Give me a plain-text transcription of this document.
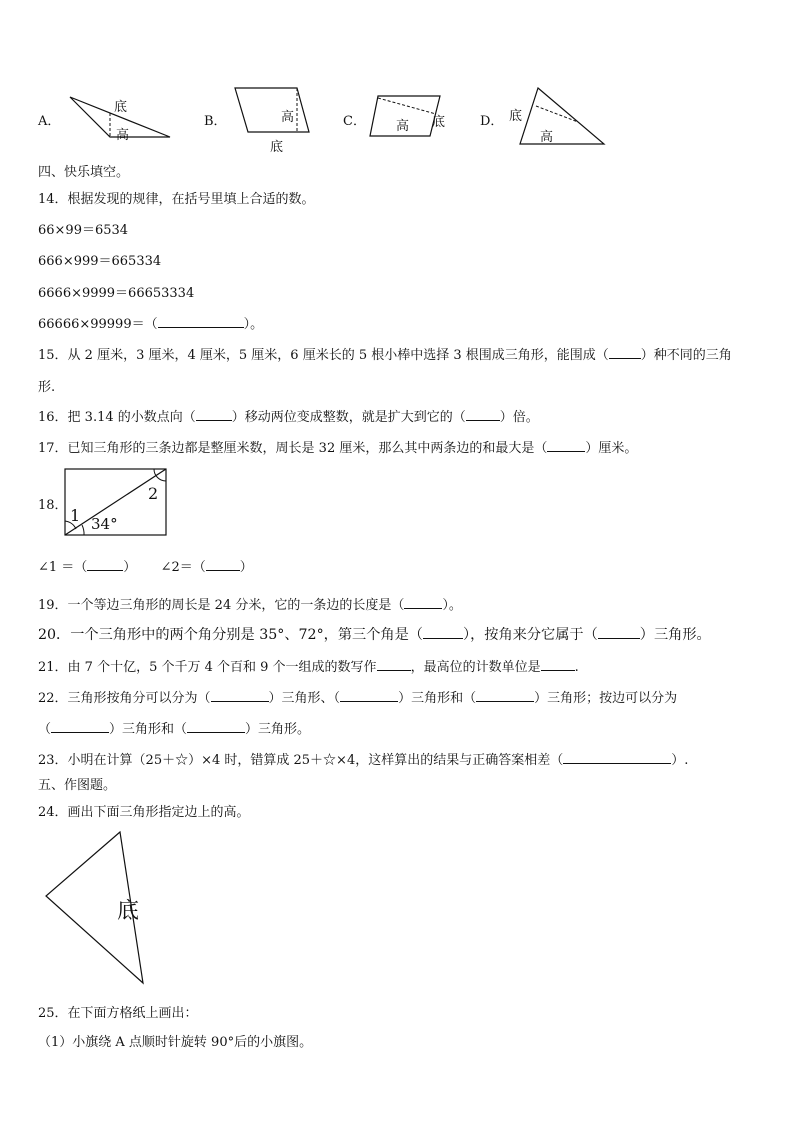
A．
底
高
B．	高
底
C． 高 底	D． 底
高
四、快乐填空。
14．根据发现的规律，在括号里填上合适的数。
66×99＝6534
666×999＝665334
6666×9999＝66653334
66666×99999＝（	）。
15．从 2 厘米，3 厘米，4 厘米，5 厘米，6 厘米长的 5 根小棒中选择 3 根围成三角形，能围成（ ）种不同的三角
形.
16．把 3.14 的小数点向（	）移动两位变成整数，就是扩大到它的（	）倍。
17．已知三角形的三条边都是整厘米数，周长是 32 厘米，那么其中两条边的和最大是（	）厘米。
18．
1 34°
2
∠1 ＝（	） ∠2＝（	）
19．一个等边三角形的周长是 24 分米，它的一条边的长度是（	）。
20．一个三角形中的两个角分别是 35°、72°，第三个角是（	），按角来分它属于（	）三角形。
21．由 7 个十亿，5 个千万 4 个百和 9 个一组成的数写作	，最高位的计数单位是	.
22．三角形按角分可以分为（	）三角形、（	）三角形和（	）三角形；按边可以分为
（	）三角形和（	）三角形。
23．小明在计算（25＋☆）×4 时，错算成 25＋☆×4，这样算出的结果与正确答案相差（	）.
五、作图题。
24．画出下面三角形指定边上的高。
底
25．在下面方格纸上画出：
（1）小旗绕 A 点顺时针旋转 90°后的小旗图。
